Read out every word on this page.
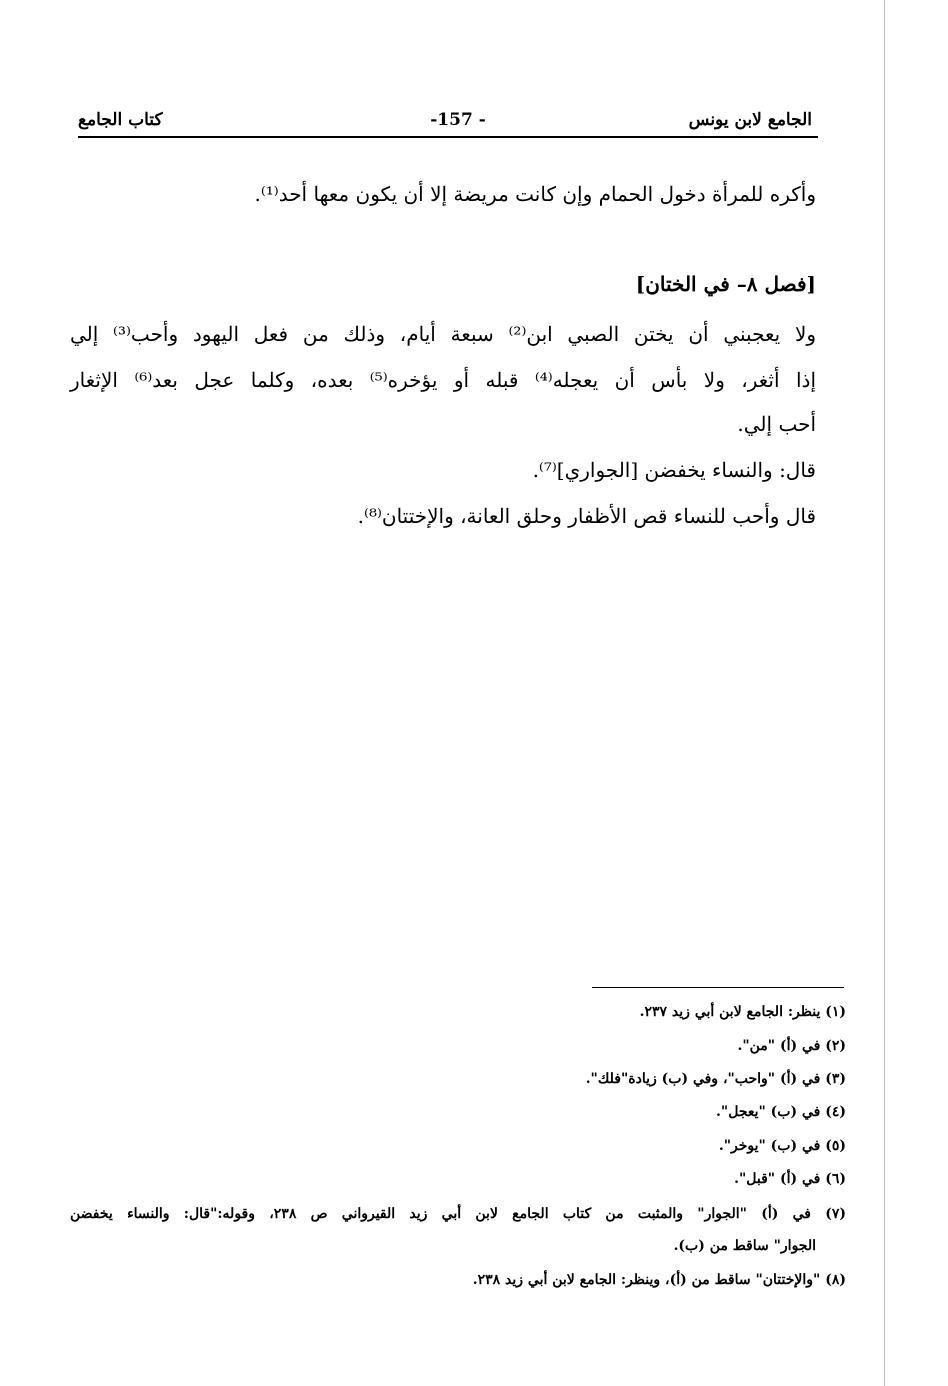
الجامع لابن يونس
-157 -
كتاب الجامع
وأكره للمرأة دخول الحمام وإن كانت مريضة إلا أن يكون معها أحد⁽¹⁾.
[فصل ٨– في الختان]
ولا يعجبني أن يختن الصبي ابن⁽²⁾ سبعة أيام، وذلك من فعل اليهود وأحب⁽³⁾ إلي
إذا أثغر، ولا بأس أن يعجله⁽⁴⁾ قبله أو يؤخره⁽⁵⁾ بعده، وكلما عجل بعد⁽⁶⁾ الإثغار
أحب إلي.
قال: والنساء يخفضن [الجواري]⁽⁷⁾.
قال وأحب للنساء قص الأظفار وحلق العانة، والإختتان⁽⁸⁾.
(١) ينظر: الجامع لابن أبي زيد ٢٣٧.
(٢) في (أ) "من".
(٣) في (أ) "واحب"، وفي (ب) زيادة"فلك".
(٤) في (ب) "يعجل".
(٥) في (ب) "يوخر".
(٦) في (أ) "قبل".
(٧) في (أ) "الجوار" والمثبت من كتاب الجامع لابن أبي زيد القيرواني ص ٢٣٨، وقوله:"قال: والنساء يخفضن
الجوار" ساقط من (ب).
(٨) "والإختتان" ساقط من (أ)، وينظر: الجامع لابن أبي زيد ٢٣٨.
